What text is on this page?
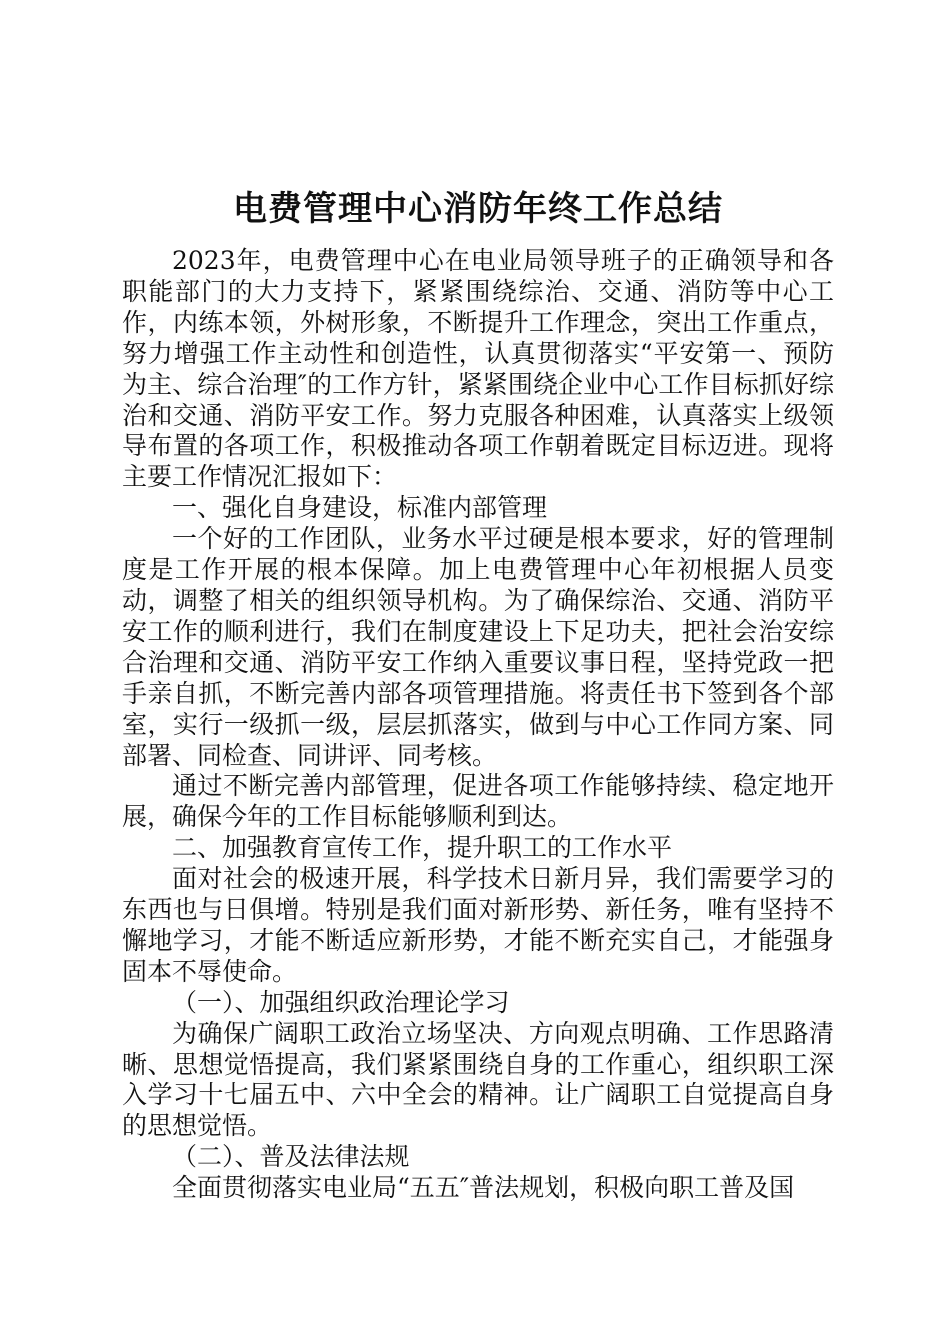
电费管理中心消防年终工作总结

2023年，电费管理中心在电业局领导班子的正确领导和各职能部门的大力支持下，紧紧围绕综治、交通、消防等中心工作，内练本领，外树形象，不断提升工作理念，突出工作重点，努力增强工作主动性和创造性，认真贯彻落实“平安第一、预防为主、综合治理″的工作方针，紧紧围绕企业中心工作目标抓好综治和交通、消防平安工作。努力克服各种困难，认真落实上级领导布置的各项工作，积极推动各项工作朝着既定目标迈进。现将主要工作情况汇报如下：

一、强化自身建设，标准内部管理

一个好的工作团队，业务水平过硬是根本要求，好的管理制度是工作开展的根本保障。加上电费管理中心年初根据人员变动，调整了相关的组织领导机构。为了确保综治、交通、消防平安工作的顺利进行，我们在制度建设上下足功夫，把社会治安综合治理和交通、消防平安工作纳入重要议事日程，坚持党政一把手亲自抓，不断完善内部各项管理措施。将责任书下签到各个部室，实行一级抓一级，层层抓落实，做到与中心工作同方案、同部署、同检查、同讲评、同考核。

通过不断完善内部管理，促进各项工作能够持续、稳定地开展，确保今年的工作目标能够顺利到达。

二、加强教育宣传工作，提升职工的工作水平

面对社会的极速开展，科学技术日新月异，我们需要学习的东西也与日俱增。特别是我们面对新形势、新任务，唯有坚持不懈地学习，才能不断适应新形势，才能不断充实自己，才能强身固本不辱使命。

（一）、加强组织政治理论学习

为确保广阔职工政治立场坚决、方向观点明确、工作思路清晰、思想觉悟提高，我们紧紧围绕自身的工作重心，组织职工深入学习十七届五中、六中全会的精神。让广阔职工自觉提高自身的思想觉悟。

（二）、普及法律法规

全面贯彻落实电业局“五五″普法规划，积极向职工普及国
